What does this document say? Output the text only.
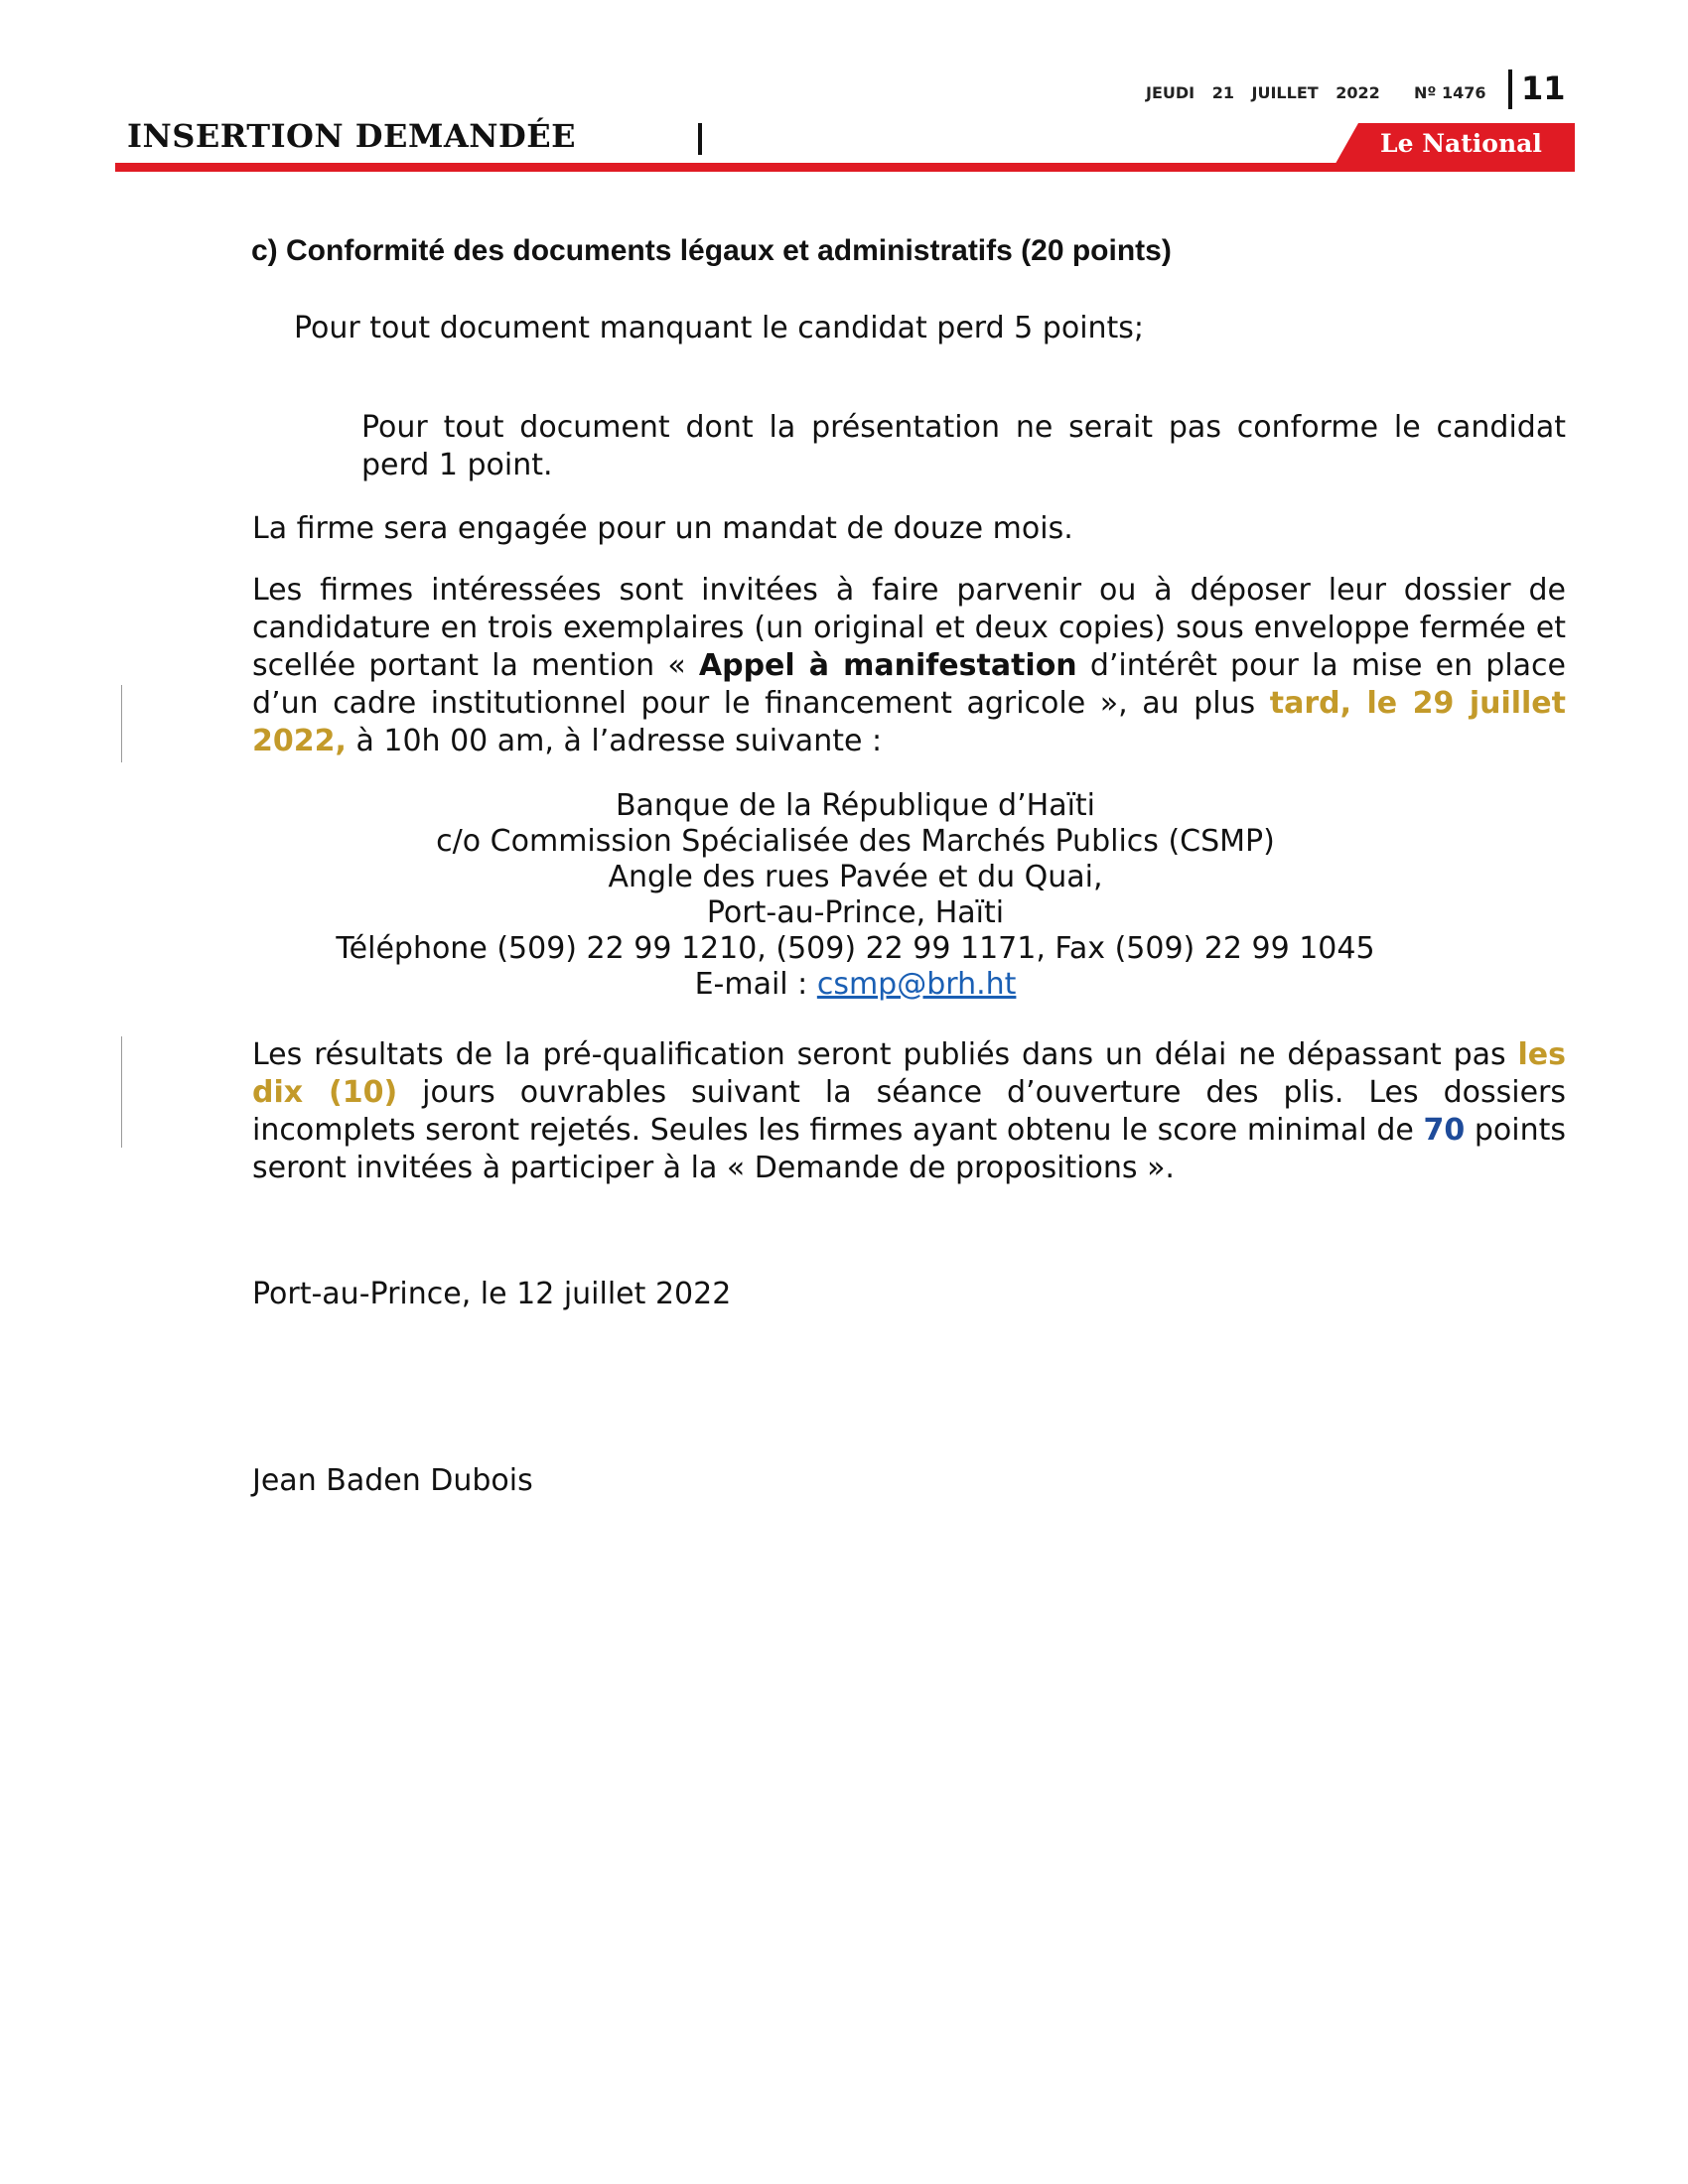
JEUDI 21 JUILLET 2022	Nº 1476 11
INSERTION DEMANDÉE	Le National
c) Conformité des documents légaux et administratifs (20 points)

Pour tout document manquant le candidat perd 5 points;

Pour tout document dont la présentation ne serait pas conforme le candidat perd 1 point.

La firme sera engagée pour un mandat de douze mois.

Les firmes intéressées sont invitées à faire parvenir ou à déposer leur dossier de candidature en trois exemplaires (un original et deux copies) sous enveloppe fermée et scellée portant la mention « Appel à manifestation d’intérêt pour la mise en place d’un cadre institutionnel pour le financement agricole », au plus tard, le 29 juillet 2022, à 10h 00 am, à l’adresse suivante :

Banque de la République d’Haïti
c/o Commission Spécialisée des Marchés Publics (CSMP)
Angle des rues Pavée et du Quai,
Port-au-Prince, Haïti
Téléphone (509) 22 99 1210, (509) 22 99 1171, Fax (509) 22 99 1045
E-mail : csmp@brh.ht

Les résultats de la pré-qualification seront publiés dans un délai ne dépassant pas les dix (10) jours ouvrables suivant la séance d’ouverture des plis. Les dossiers incomplets seront rejetés. Seules les firmes ayant obtenu le score minimal de 70 points seront invitées à participer à la « Demande de propositions ».

Port-au-Prince, le 12 juillet 2022
Jean Baden Dubois
